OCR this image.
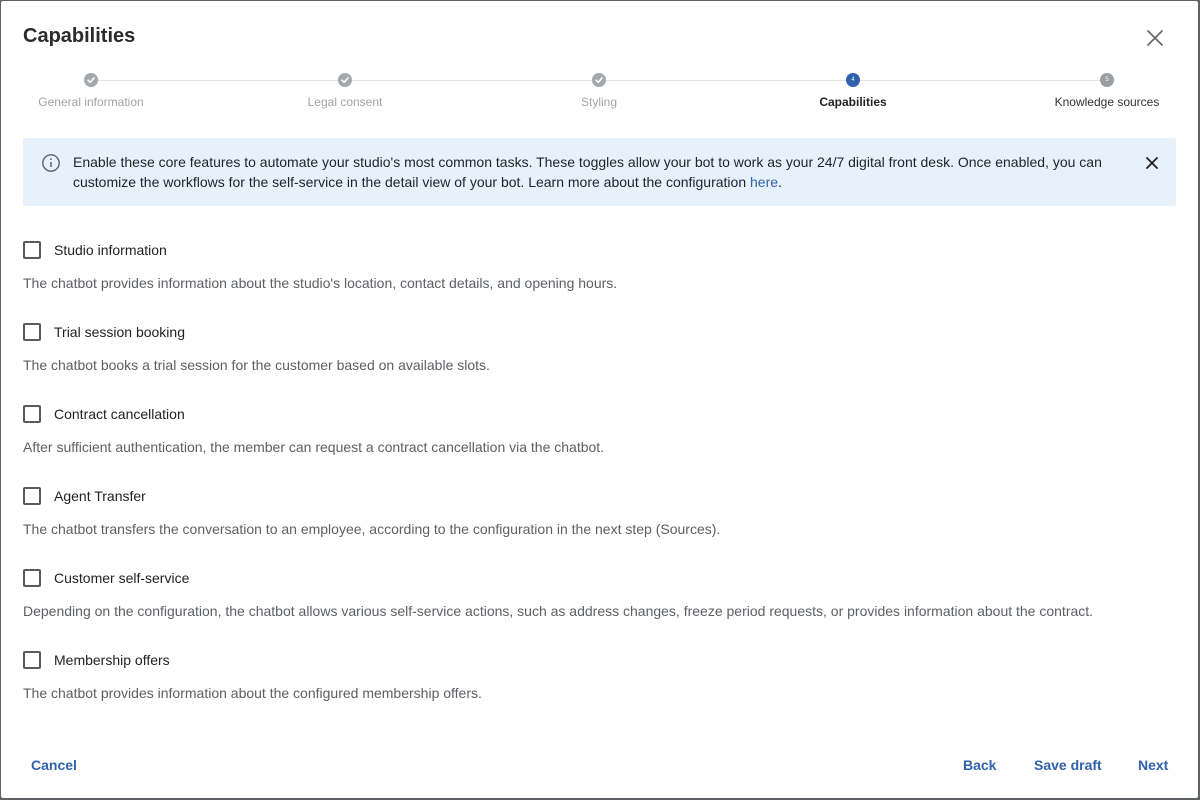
Capabilities
General information	Legal consent	Styling
4
Capabilities
5
Knowledge sources
Enable these core features to automate your studio's most common tasks. These toggles allow your bot to work as your 24/7 digital front desk. Once enabled, you can customize the workflows for the self-service in the detail view of your bot. Learn more about the configuration here.
Studio information
The chatbot provides information about the studio's location, contact details, and opening hours.
Trial session booking
The chatbot books a trial session for the customer based on available slots.
Contract cancellation
After sufficient authentication, the member can request a contract cancellation via the chatbot.
Agent Transfer
The chatbot transfers the conversation to an employee, according to the configuration in the next step (Sources).
Customer self-service
Depending on the configuration, the chatbot allows various self-service actions, such as address changes, freeze period requests, or provides information about the contract.
Membership offers
The chatbot provides information about the configured membership offers.
Cancel	Back	Save draft	Next
